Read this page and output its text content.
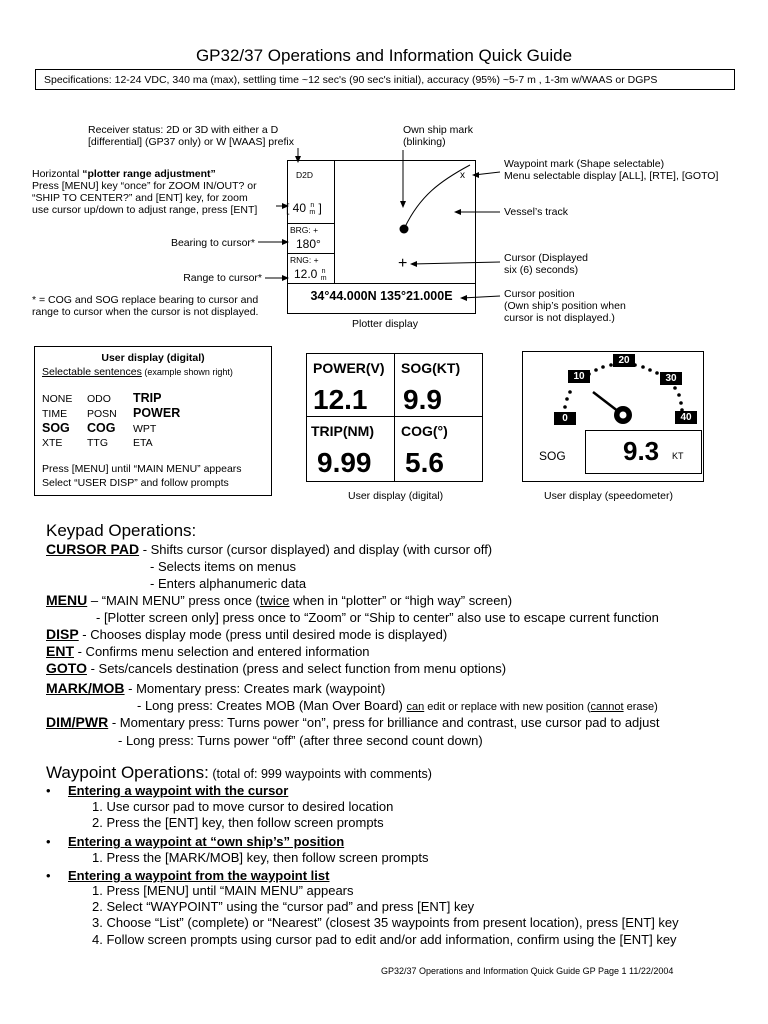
GP32/37 Operations and Information Quick Guide
Specifications: 12-24 VDC, 340 ma (max), settling time ~12 sec's (90 sec's initial), accuracy (95%) ~5-7 m , 1-3m w/WAAS or DGPS
Receiver status: 2D or 3D with either a D
[differential] (GP37 only) or W [WAAS] prefix
Own ship mark
(blinking)
Horizontal “plotter range adjustment”
Press [MENU] key “once” for ZOOM IN/OUT? or
“SHIP TO CENTER?” and [ENT] key, for zoom
use cursor up/down to adjust range, press [ENT]
Bearing to cursor*
Range to cursor*
* = COG and SOG replace bearing to cursor and
range to cursor when the cursor is not displayed.
Waypoint mark (Shape selectable)
Menu selectable display [ALL], [RTE], [GOTO]
Vessel’s track
Cursor (Displayed
six (6) seconds)
Cursor position
(Own ship’s position when
cursor is not displayed.)
D2D
[ 40 n
m ]
BRG: +
180°
RNG: +
12.0 n
m
34°44.000N 135°21.000E
x
+
Plotter display
User display (digital)
Selectable sentences (example shown right)
NONE ODO TRIP
TIME POSN POWER
SOG COG WPT
XTE TTG ETA
Press [MENU] until “MAIN MENU” appears
Select “USER DISP” and follow prompts
POWER(V)
12.1
SOG(KT)
9.9
TRIP(NM)
9.99
COG(°)
5.6
User display (digital)
0
10
20
30
40
SOG 9.3 KT
User display (speedometer)
Keypad Operations:
CURSOR PAD - Shifts cursor (cursor displayed) and display (with cursor off)
- Selects items on menus
- Enters alphanumeric data
MENU – “MAIN MENU” press once (twice when in “plotter” or “high way” screen)
- [Plotter screen only] press once to “Zoom” or “Ship to center” also use to escape current function
DISP - Chooses display mode (press until desired mode is displayed)
ENT - Confirms menu selection and entered information
GOTO - Sets/cancels destination (press and select function from menu options)
MARK/MOB - Momentary press: Creates mark (waypoint)
- Long press: Creates MOB (Man Over Board) can edit or replace with new position (cannot erase)
DIM/PWR - Momentary press: Turns power “on”, press for brilliance and contrast, use cursor pad to adjust
- Long press: Turns power “off” (after three second count down)
Waypoint Operations: (total of: 999 waypoints with comments)
• Entering a waypoint with the cursor
1. Use cursor pad to move cursor to desired location
2. Press the [ENT] key, then follow screen prompts
• Entering a waypoint at “own ship’s” position
1. Press the [MARK/MOB] key, then follow screen prompts
• Entering a waypoint from the waypoint list
1. Press [MENU] until “MAIN MENU” appears
2. Select “WAYPOINT” using the “cursor pad” and press [ENT] key
3. Choose “List” (complete) or “Nearest” (closest 35 waypoints from present location), press [ENT] key
4. Follow screen prompts using cursor pad to edit and/or add information, confirm using the [ENT] key
GP32/37 Operations and Information Quick Guide GP Page 1 11/22/2004
